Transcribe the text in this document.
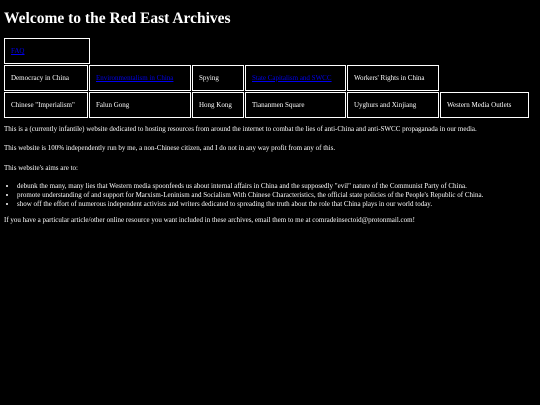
Welcome to the Red East Archives
FAQ
Democracy in China	Environmentalism in China	Spying	State Capitalism and SWCC	Workers' Rights in China
Chinese "Imperialism"	Falun Gong	Hong Kong	Tiananmen Square	Uyghurs and Xinjiang	Western Media Outlets

This is a (currently infantile) website dedicated to hosting resources from around the internet to combat the lies of anti-China and anti-SWCC propaganada in our media.

This website is 100% independently run by me, a non-Chinese citizen, and I do not in any way profit from any of this.

This website's aims are to:

• debunk the many, many lies that Western media spoonfeeds us about internal affairs in China and the supposedly "evil" nature of the Communist Party of China.
• promote understanding of and support for Marxism-Leninism and Socialism With Chinese Characteristics, the official state policies of the People's Republic of China.
• show off the effort of numerous independent activists and writers dedicated to spreading the truth about the role that China plays in our world today.

If you have a particular article/other online resource you want included in these archives, email them to me at comradeinsectoid@protonmail.com!
